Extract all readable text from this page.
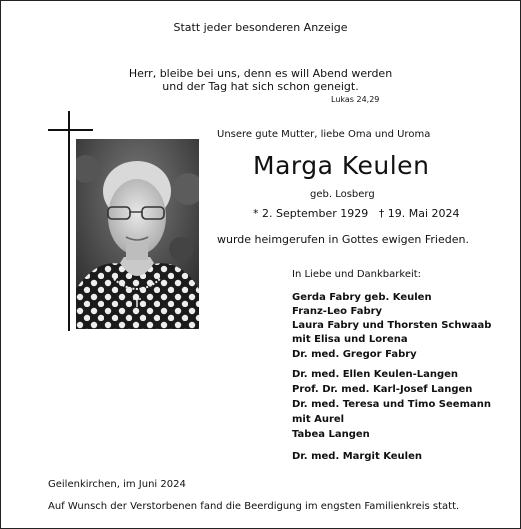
Statt jeder besonderen Anzeige
Herr, bleibe bei uns, denn es will Abend werden
und der Tag hat sich schon geneigt.
Lukas 24,29
Unsere gute Mutter, liebe Oma und Uroma
Marga Keulen
geb. Losberg
* 2. September 1929   † 19. Mai 2024
wurde heimgerufen in Gottes ewigen Frieden.
In Liebe und Dankbarkeit:
Gerda Fabry geb. Keulen
Franz-Leo Fabry
Laura Fabry und Thorsten Schwaab
mit Elisa und Lorena
Dr. med. Gregor Fabry
Dr. med. Ellen Keulen-Langen
Prof. Dr. med. Karl-Josef Langen
Dr. med. Teresa und Timo Seemann
mit Aurel
Tabea Langen
Dr. med. Margit Keulen
Geilenkirchen, im Juni 2024
Auf Wunsch der Verstorbenen fand die Beerdigung im engsten Familienkreis statt.
